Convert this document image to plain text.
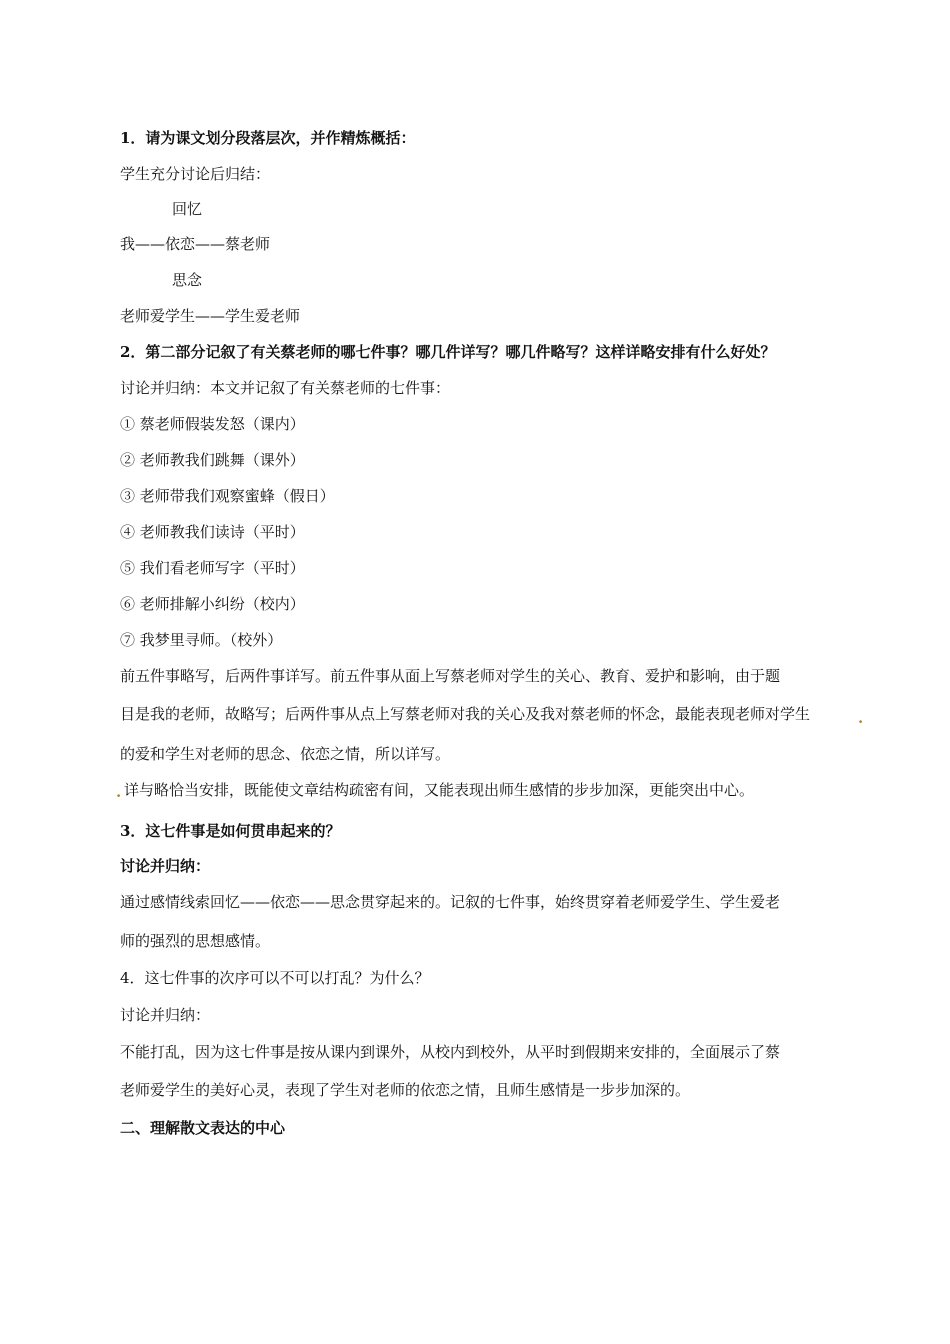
1．请为课文划分段落层次，并作精炼概括：
学生充分讨论后归结：
回忆
我——依恋——蔡老师
思念
老师爱学生——学生爱老师
2．第二部分记叙了有关蔡老师的哪七件事？哪几件详写？哪几件略写？这样详略安排有什么好处？
讨论并归纳：本文并记叙了有关蔡老师的七件事：
① 蔡老师假装发怒（课内）
② 老师教我们跳舞（课外）
③ 老师带我们观察蜜蜂（假日）
④ 老师教我们读诗（平时）
⑤ 我们看老师写字（平时）
⑥ 老师排解小纠纷（校内）
⑦ 我梦里寻师。（校外）
前五件事略写，后两件事详写。前五件事从面上写蔡老师对学生的关心、教育、爱护和影响，由于题
目是我的老师，故略写；后两件事从点上写蔡老师对我的关心及我对蔡老师的怀念，最能表现老师对学生	.
的爱和学生对老师的思念、依恋之情，所以详写。
. 详与略恰当安排，既能使文章结构疏密有间，又能表现出师生感情的步步加深，更能突出中心。
3．这七件事是如何贯串起来的？
讨论并归纳：
通过感情线索回忆——依恋——思念贯穿起来的。记叙的七件事，始终贯穿着老师爱学生、学生爱老
师的强烈的思想感情。
4．这七件事的次序可以不可以打乱？为什么？
讨论并归纳：
不能打乱，因为这七件事是按从课内到课外，从校内到校外，从平时到假期来安排的，全面展示了蔡
老师爱学生的美好心灵，表现了学生对老师的依恋之情，且师生感情是一步步加深的。
二、理解散文表达的中心
